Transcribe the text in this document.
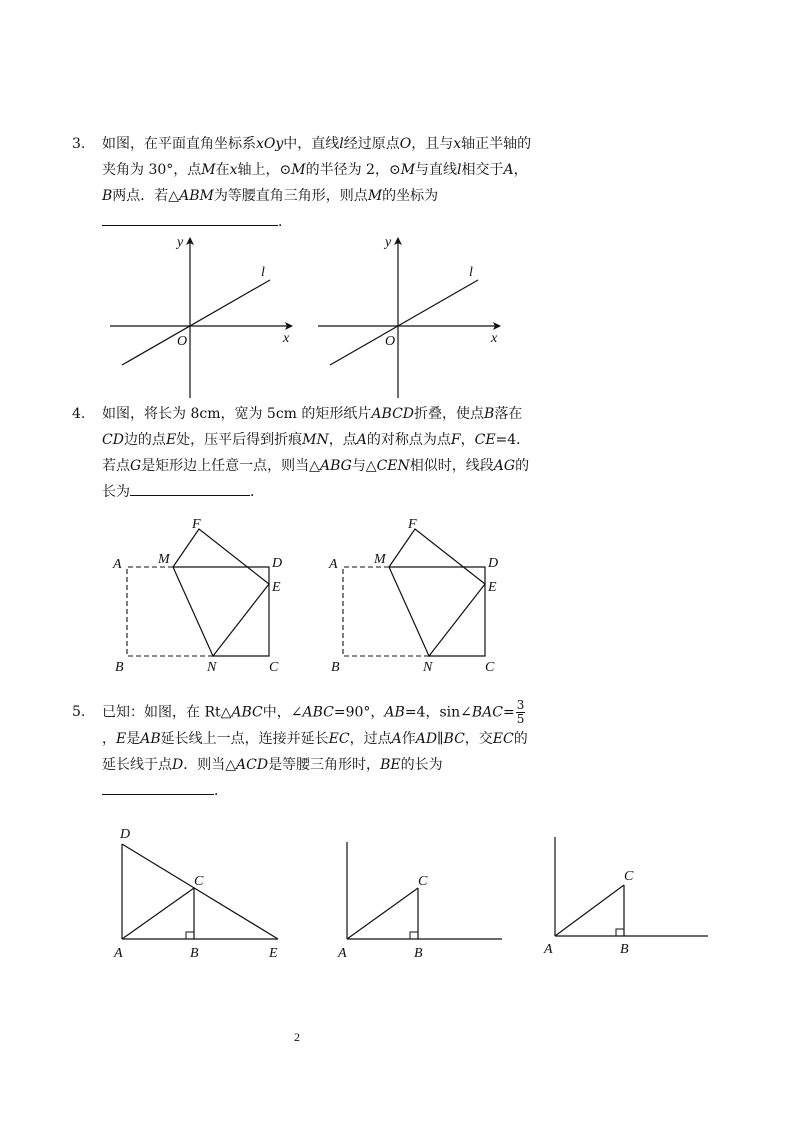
3. 如图，在平面直角坐标系xOy中，直线l经过原点O，且与x轴正半轴的夹角为 30°，点M在x轴上，⊙M的半径为 2，⊙M与直线l相交于A，B两点．若△ABM为等腰直角三角形，则点M的坐标为．
y
l
O	x
y
l
O	x
4. 如图，将长为 8cm，宽为 5cm 的矩形纸片ABCD折叠，使点B落在CD边的点E处，压平后得到折痕MN，点A的对称点为点F，CE=4．若点G是矩形边上任意一点，则当△ABG与△CEN相似时，线段AG的长为	．
A	M
F
D
E
B	N	C
A	M
F
D
E
B	N	C
5. 已知：如图，在 Rt△ABC中，∠ABC=90°，AB=4，sin∠BAC= $\frac{3}{5}$
，E是AB延长线上一点，连接并延长EC，过点A作AD∥BC，交EC的延长线于点D．则当△ACD是等腰三角形时，BE的长为．
D
C
A	B	E
C
A	B
C
A	B
2
